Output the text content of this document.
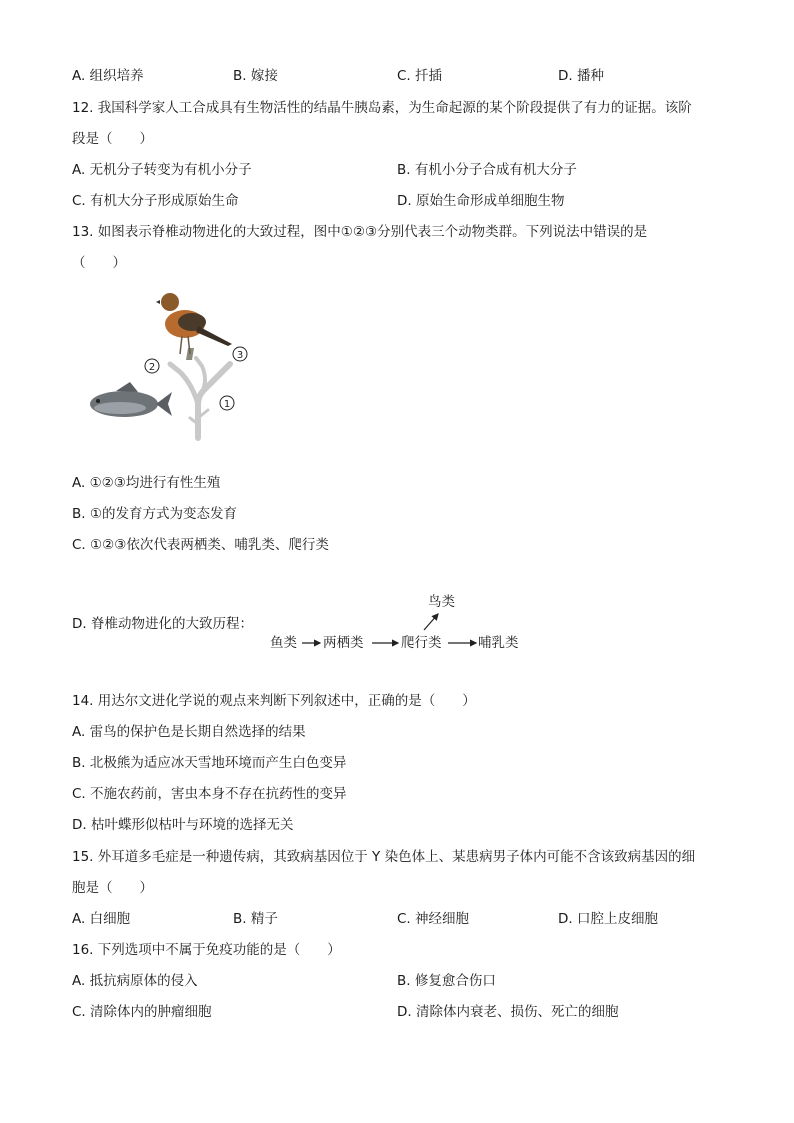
A. 组织培养	B. 嫁接	C. 扦插	D. 播种
12. 我国科学家人工合成具有生物活性的结晶牛胰岛素，为生命起源的某个阶段提供了有力的证据。该阶
段是（　　）
A. 无机分子转变为有机小分子	B. 有机小分子合成有机大分子
C. 有机大分子形成原始生命	D. 原始生命形成单细胞生物
13. 如图表示脊椎动物进化的大致过程，图中①②③分别代表三个动物类群。下列说法中错误的是
（　　）
2
3
1
A. ①②③均进行有性生殖
B. ①的发育方式为变态发育
C. ①②③依次代表两栖类、哺乳类、爬行类
D. 脊椎动物进化的大致历程：
鸟类
鱼类 两栖类	爬行类	哺乳类
14. 用达尔文进化学说的观点来判断下列叙述中，正确的是（　　）
A. 雷鸟的保护色是长期自然选择的结果
B. 北极熊为适应冰天雪地环境而产生白色变异
C. 不施农药前，害虫本身不存在抗药性的变异
D. 枯叶蝶形似枯叶与环境的选择无关
15. 外耳道多毛症是一种遗传病，其致病基因位于 Y 染色体上、某患病男子体内可能不含该致病基因的细
胞是（　　）
A. 白细胞	B. 精子	C. 神经细胞	D. 口腔上皮细胞
16. 下列选项中不属于免疫功能的是（　　）
A. 抵抗病原体的侵入	B. 修复愈合伤口
C. 清除体内的肿瘤细胞	D. 清除体内衰老、损伤、死亡的细胞
